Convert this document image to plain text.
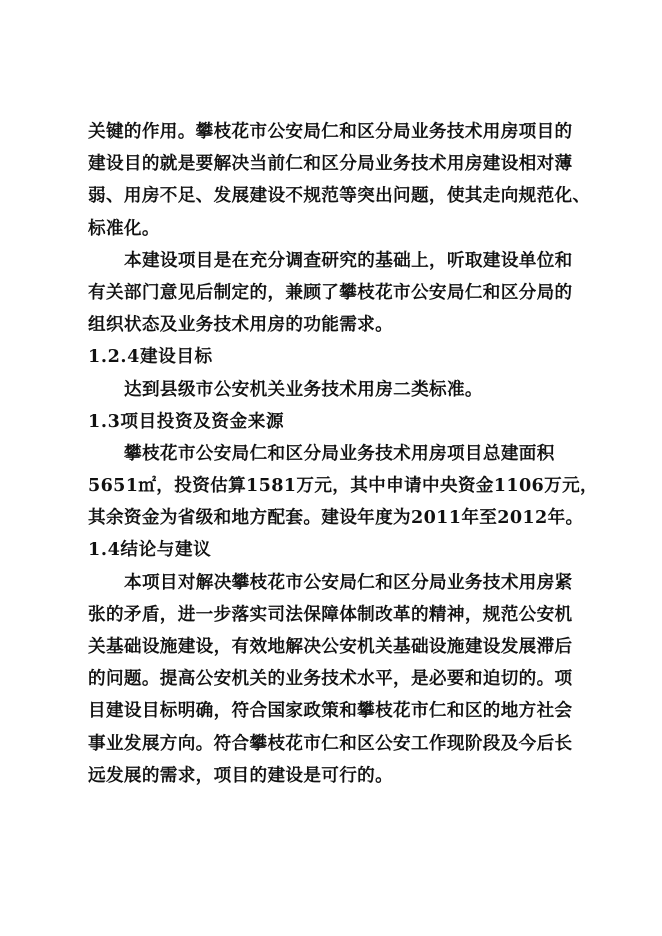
关键的作用。攀枝花市公安局仁和区分局业务技术用房项目的
建设目的就是要解决当前仁和区分局业务技术用房建设相对薄
弱、用房不足、发展建设不规范等突出问题，使其走向规范化、
标准化。
本建设项目是在充分调查研究的基础上，听取建设单位和
有关部门意见后制定的，兼顾了攀枝花市公安局仁和区分局的
组织状态及业务技术用房的功能需求。
1.2.4建设目标
达到县级市公安机关业务技术用房二类标准。
1.3项目投资及资金来源
攀枝花市公安局仁和区分局业务技术用房项目总建面积
5651㎡，投资估算1581万元，其中申请中央资金1106万元，
其余资金为省级和地方配套。建设年度为2011年至2012年。
1.4结论与建议
本项目对解决攀枝花市公安局仁和区分局业务技术用房紧
张的矛盾，进一步落实司法保障体制改革的精神，规范公安机
关基础设施建设，有效地解决公安机关基础设施建设发展滞后
的问题。提高公安机关的业务技术水平，是必要和迫切的。项
目建设目标明确，符合国家政策和攀枝花市仁和区的地方社会
事业发展方向。符合攀枝花市仁和区公安工作现阶段及今后长
远发展的需求，项目的建设是可行的。
